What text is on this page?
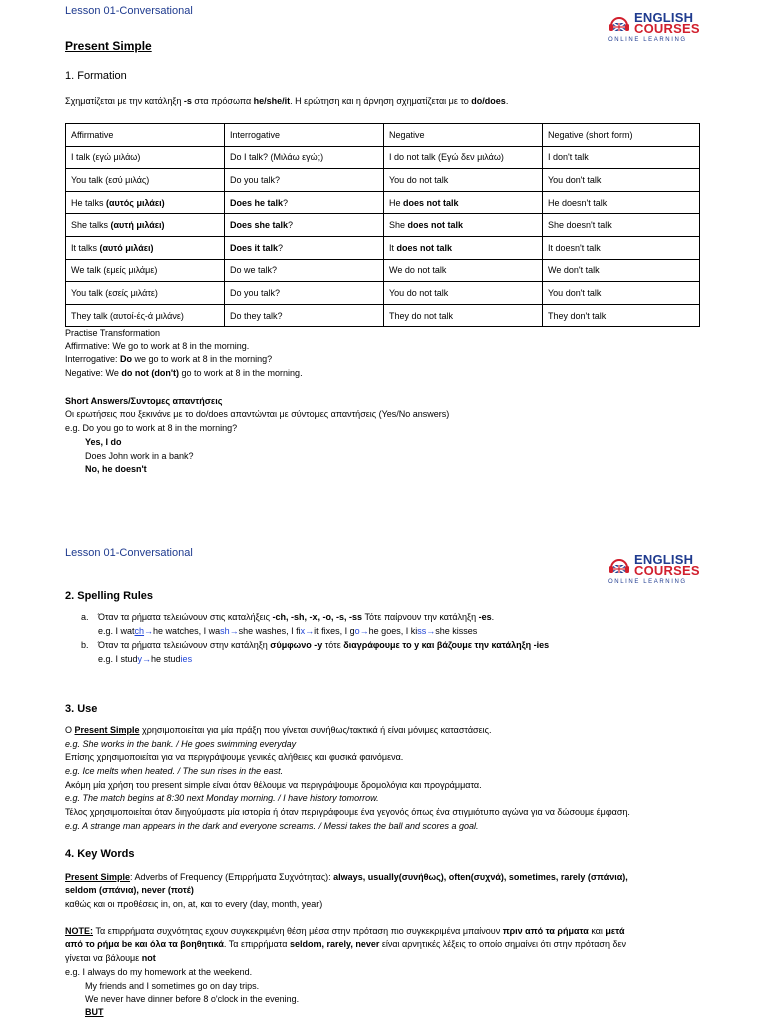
Lesson 01-Conversational	ENGLISH
COURSES
ONLINE LEARNING
Present Simple
1. Formation
Σχηματίζεται με την κατάληξη -s στα πρόσωπα he/she/it. Η ερώτηση και η άρνηση σχηματίζεται με το do/does.
Affirmative	Interrogative	Negative	Negative (short form)
I talk (εγώ μιλάω)	Do I talk? (Μιλάω εγώ;)	I do not talk (Εγώ δεν μιλάω)	I don't talk
You talk (εσύ μιλάς)	Do you talk?	You do not talk	You don't talk
He talks (αυτός μιλάει)	Does he talk?	He does not talk	He doesn't talk
She talks (αυτή μιλάει)	Does she talk?	She does not talk	She doesn't talk
It talks (αυτό μιλάει)	Does it talk?	It does not talk	It doesn't talk
We talk (εμείς μιλάμε)	Do we talk?	We do not talk	We don't talk
You talk (εσείς μιλάτε)	Do you talk?	You do not talk	You don't talk
They talk (αυτοί-ές-ά μιλάνε)	Do they talk?	They do not talk	They don't talk
Practise Transformation
Affirmative: We go to work at 8 in the morning.
Interrogative: Do we go to work at 8 in the morning?
Negative: We do not (don't) go to work at 8 in the morning.
Short Answers/Συντομες απαντήσεις
Οι ερωτήσεις που ξεκινάνε με το do/does απαντώνται με σύντομες απαντήσεις (Yes/No answers)
e.g. Do you go to work at 8 in the morning?
Yes, I do
Does John work in a bank?
No, he doesn't
Lesson 01-Conversational	ENGLISH
COURSES
ONLINE LEARNING
2. Spelling Rules
a. Όταν τα ρήματα τελειώνουν στις καταλήξεις -ch, -sh, -x, -o, -s, -ss Τότε παίρνουν την κατάληξη -es.
e.g. I watch→he watches, I wash→she washes, I fix→it fixes, I go→he goes, I kiss→she kisses
b. Όταν τα ρήματα τελειώνουν στην κατάληξη σύμφωνο -y τότε διαγράφουμε το y και βάζουμε την κατάληξη -ies
e.g. I study→he studies
3. Use
Ο Present Simple χρησιμοποιείται για μία πράξη που γίνεται συνήθως/τακτικά ή είναι μόνιμες καταστάσεις.
e.g. She works in the bank. / He goes swimming everyday
Επίσης χρησιμοποιείται για να περιγράψουμε γενικές αλήθειες και φυσικά φαινόμενα.
e.g. Ice melts when heated. / The sun rises in the east.
Ακόμη μία χρήση του present simple είναι όταν θέλουμε να περιγράψουμε δρομολόγια και προγράμματα.
e.g. The match begins at 8:30 next Monday morning. / I have history tomorrow.
Τέλος χρησιμοποιείται όταν διηγούμαστε μία ιστορία ή όταν περιγράφουμε ένα γεγονός όπως ένα στιγμιότυπο αγώνα για να δώσουμε έμφαση.
e.g. A strange man appears in the dark and everyone screams. / Messi takes the ball and scores a goal.
4. Key Words
Present Simple: Adverbs of Frequency (Επιρρήματα Συχνότητας): always, usually(συνήθως), often(συχνά), sometimes, rarely (σπάνια),
seldom (σπάνια), never (ποτέ)
καθώς και οι προθέσεις in, on, at, και το every (day, month, year)
NOTE: Τα επιρρήματα συχνότητας εχουν συγκεκριμένη θέση μέσα στην πρόταση πιο συγκεκριμένα μπαίνουν πριν από τα ρήματα και μετά
από το ρήμα be και όλα τα βοηθητικά. Τα επιρρήματα seldom, rarely, never είναι αρνητικές λέξεις το οποίο σημαίνει ότι στην πρόταση δεν
γίνεται να βάλουμε not
e.g. I always do my homework at the weekend.
My friends and I sometimes go on day trips.
We never have dinner before 8 o'clock in the evening.
BUT
